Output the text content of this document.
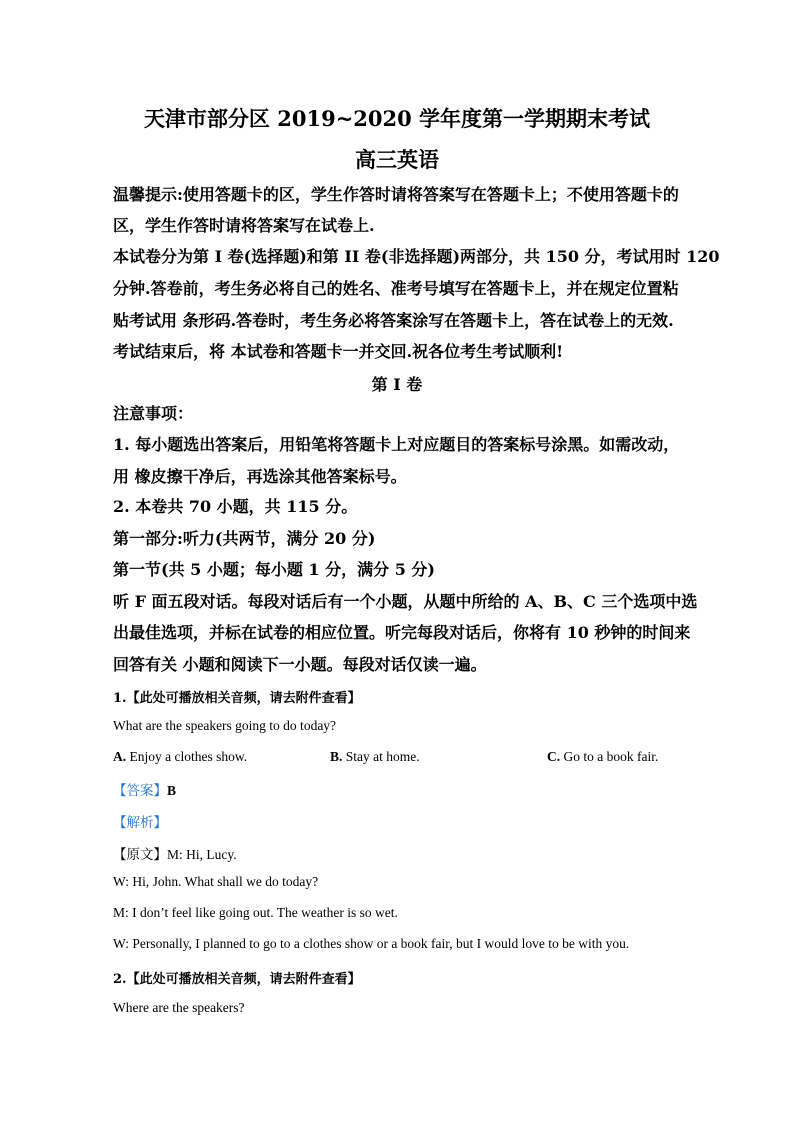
天津市部分区 2019~2020 学年度第一学期期末考试
高三英语
温馨提示:使用答题卡的区，学生作答时请将答案写在答题卡上；不使用答题卡的
区，学生作答时请将答案写在试卷上.
本试卷分为第 I 卷(选择题)和第 II 卷(非选择题)两部分，共 150 分，考试用时 120
分钟.答卷前，考生务必将自己的姓名、准考号填写在答题卡上，并在规定位置粘
贴考试用 条形码.答卷时，考生务必将答案涂写在答题卡上，答在试卷上的无效.
考试结束后，将 本试卷和答题卡一并交回.祝各位考生考试顺利!
第 I 卷
注意事项：
1. 每小题选出答案后，用铅笔将答题卡上对应题目的答案标号涂黑。如需改动，
用 橡皮擦干净后，再选涂其他答案标号。
2. 本卷共 70 小题，共 115 分。
第一部分:听力(共两节，满分 20 分)
第一节(共 5 小题；每小题 1 分，满分 5 分)
听 F 面五段对话。每段对话后有一个小题，从题中所给的 A、B、C 三个选项中选
出最佳选项，并标在试卷的相应位置。听完每段对话后，你将有 10 秒钟的时间来
回答有关 小题和阅读下一小题。每段对话仅读一遍。
1.【此处可播放相关音频，请去附件查看】
What are the speakers going to do today?
A. Enjoy a clothes show.	B. Stay at home.	C. Go to a book fair.
【答案】B
【解析】
【原文】M: Hi, Lucy.
W: Hi, John. What shall we do today?
M: I don’t feel like going out. The weather is so wet.
W: Personally, I planned to go to a clothes show or a book fair, but I would love to be with you.
2.【此处可播放相关音频，请去附件查看】
Where are the speakers?
